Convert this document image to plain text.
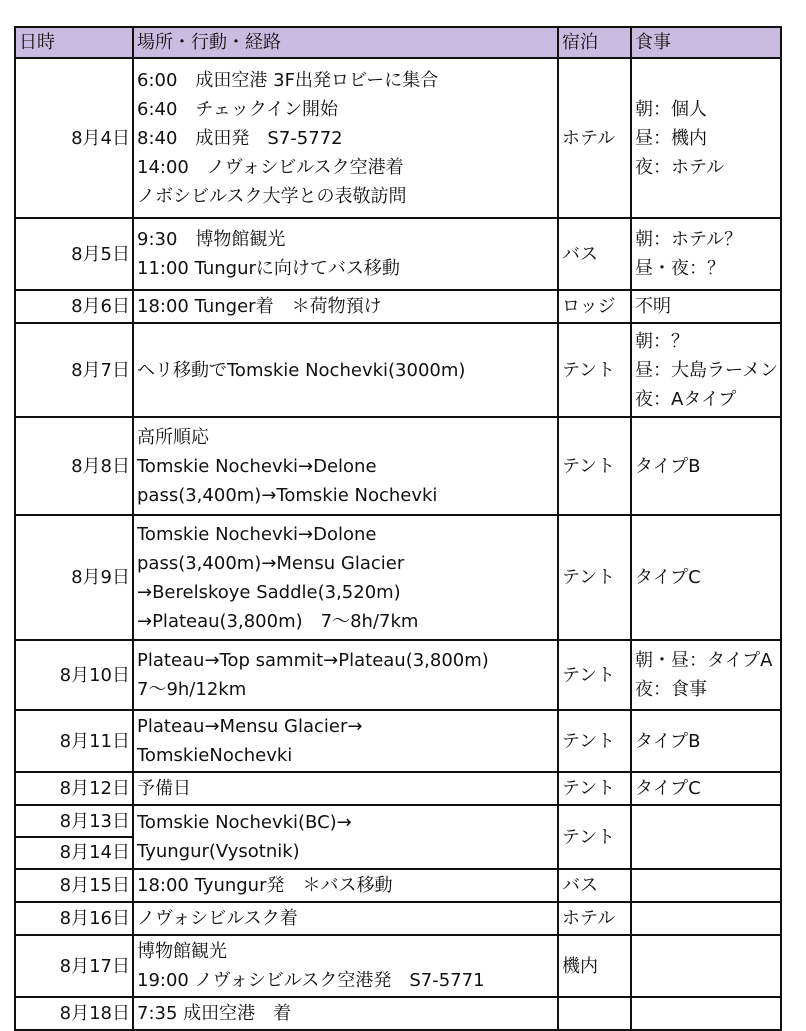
日時	場所・行動・経路	宿泊	食事
8月4日	6:00　成田空港 3F出発ロビーに集合
6:40　チェックイン開始
8:40　成田発　S7-5772
14:00　ノヴォシビルスク空港着
ノボシビルスク大学との表敬訪問	ホテル	朝：個人
昼：機内
夜：ホテル

8月5日	9:30　博物館観光
11:00 Tungurに向けてバス移動	バス	朝：ホテル？
昼・夜：？

8月6日	18:00 Tunger着　＊荷物預け	ロッジ	不明

8月7日	ヘリ移動でTomskie Nochevki(3000m)	テント	朝：？
昼：大島ラーメン
夜：Aタイプ

8月8日	高所順応
Tomskie Nochevki→Delone
pass(3,400m)→Tomskie Nochevki	テント	タイプB

8月9日	Tomskie Nochevki→Dolone
pass(3,400m)→Mensu Glacier
→Berelskoye Saddle(3,520m)
→Plateau(3,800m)　7～8h/7km	テント	タイプC

8月10日	Plateau→Top sammit→Plateau(3,800m)
7～9h/12km	テント	朝・昼：タイプA
夜：食事

8月11日	Plateau→Mensu Glacier→
TomskieNochevki	テント	タイプB

8月12日	予備日	テント	タイプC

8月13日
8月14日	Tomskie Nochevki(BC)→
Tyungur(Vysotnik)	テント	

8月15日	18:00 Tyungur発　＊バス移動	バス	

8月16日	ノヴォシビルスク着	ホテル	

8月17日	博物館観光
19:00 ノヴォシビルスク空港発　S7-5771	機内	

8月18日	7:35 成田空港　着		
